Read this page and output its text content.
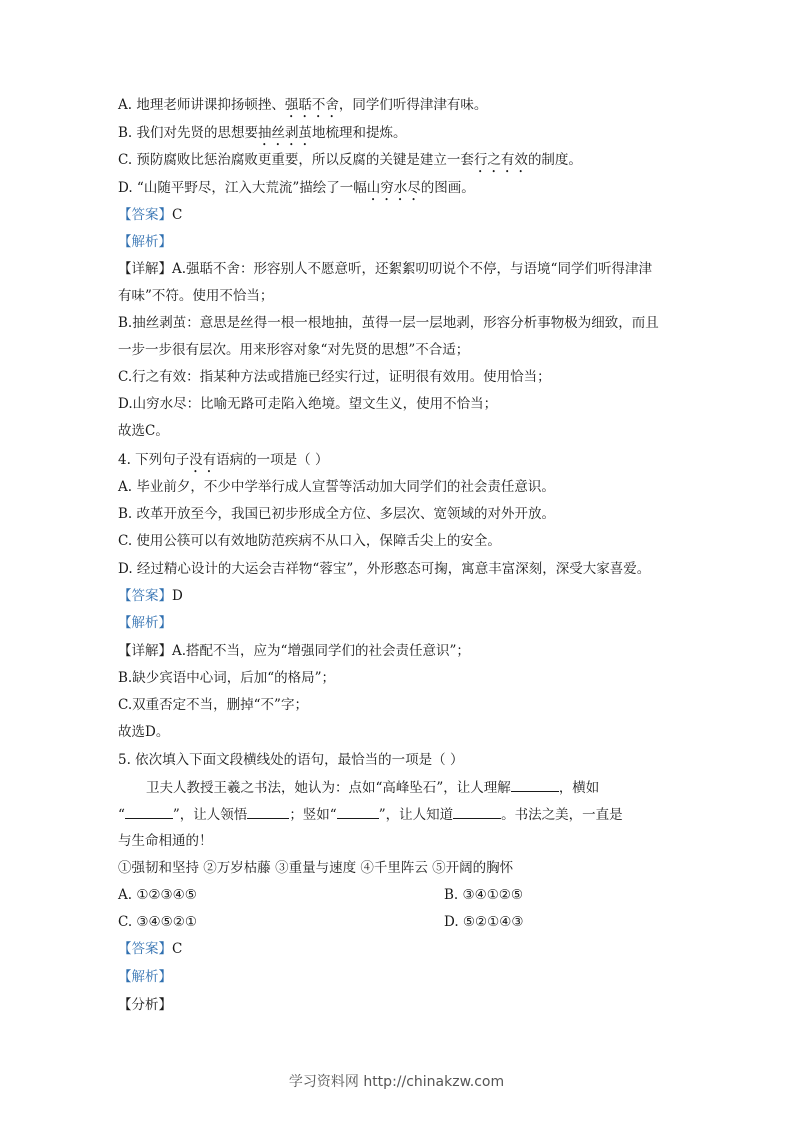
A. 地理老师讲课抑扬顿挫、强聒不舍，同学们听得津津有味。
B. 我们对先贤的思想要抽丝剥茧地梳理和提炼。
C. 预防腐败比惩治腐败更重要，所以反腐的关键是建立一套行之有效的制度。
D. “山随平野尽，江入大荒流”描绘了一幅山穷水尽的图画。
【答案】C
【解析】
【详解】A.强聒不舍：形容别人不愿意听，还絮絮叨叨说个不停，与语境“同学们听得津津
有味”不符。使用不恰当；
B.抽丝剥茧：意思是丝得一根一根地抽，茧得一层一层地剥，形容分析事物极为细致，而且
一步一步很有层次。用来形容对象“对先贤的思想”不合适；
C.行之有效：指某种方法或措施已经实行过，证明很有效用。使用恰当；
D.山穷水尽：比喻无路可走陷入绝境。望文生义，使用不恰当；
故选C。
4. 下列句子没有语病的一项是（ ）
A. 毕业前夕，不少中学举行成人宣誓等活动加大同学们的社会责任意识。
B. 改革开放至今，我国已初步形成全方位、多层次、宽领域的对外开放。
C. 使用公筷可以有效地防范疾病不从口入，保障舌尖上的安全。
D. 经过精心设计的大运会吉祥物“蓉宝”，外形憨态可掬，寓意丰富深刻，深受大家喜爱。
【答案】D
【解析】
【详解】A.搭配不当，应为“增强同学们的社会责任意识”；
B.缺少宾语中心词，后加“的格局”；
C.双重否定不当，删掉“不”字；
故选D。
5. 依次填入下面文段横线处的语句，最恰当的一项是（ ）
卫夫人教授王羲之书法，她认为：点如“高峰坠石”，让人理解	，横如
“	”，让人领悟	；竖如“	”，让人知道	。书法之美，一直是
与生命相通的！
①强韧和坚持 ②万岁枯藤 ③重量与速度 ④千里阵云 ⑤开阔的胸怀
A. ①②③④⑤	B. ③④①②⑤
C. ③④⑤②①	D. ⑤②①④③
【答案】C
【解析】
【分析】
学习资料网 http://chinakzw.com
